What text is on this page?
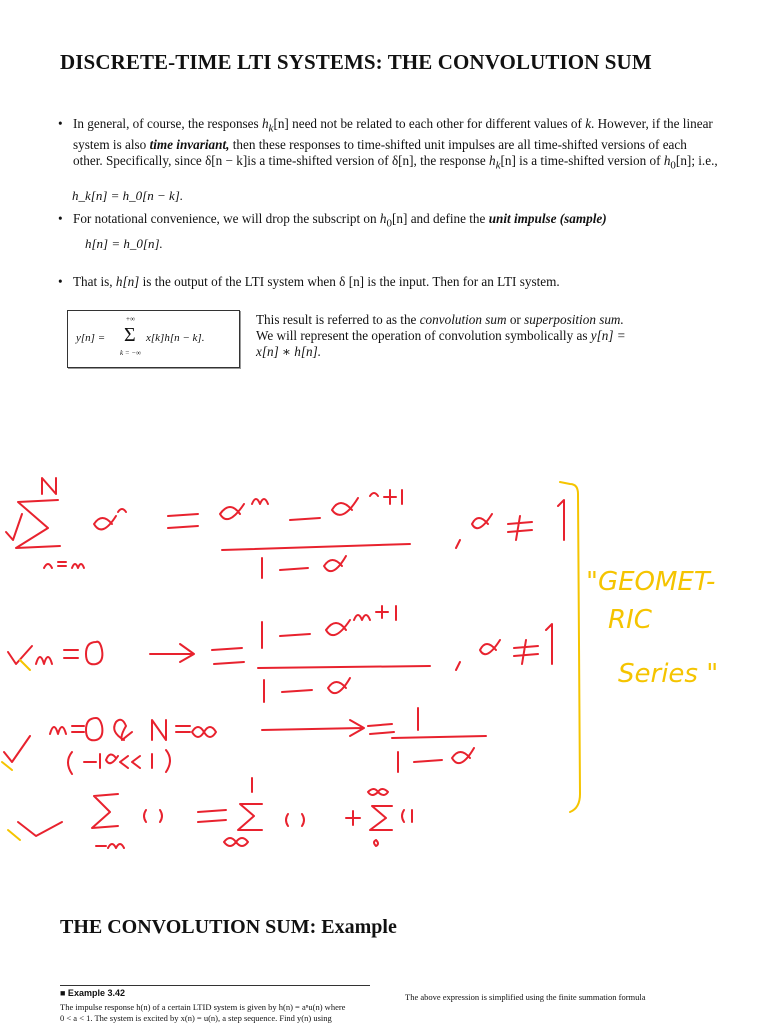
DISCRETE-TIME LTI SYSTEMS: THE CONVOLUTION SUM
• In general, of course, the responses $h_k[n]$ need not be related to each other for different values of k. However, if the linear system is also time invariant, then these responses to time-shifted unit impulses are all time-shifted versions of each other. Specifically, since δ[n − k]is a time-shifted version of δ[n], the response $h_k[n]$ is a time-shifted version of $h_0[n]$; i.e.,
h_k[n] = h_0[n − k].
• For notational convenience, we will drop the subscript on $h_0[n]$ and define the unit impulse (sample)
h[n] = h_0[n].
• That is, h[n] is the output of the LTI system when δ [n] is the input. Then for an LTI system.
y[n] =
+∞
Σ
k = −∞
x[k]h[n − k].
This result is referred to as the convolution sum or superposition sum. We will represent the operation of convolution symbolically as y[n] = x[n] ∗ h[n].
"GEOMET-
RIC
Series "
THE CONVOLUTION SUM: Example
■ Example 3.42
The impulse response h(n) of a certain LTID system is given by h(n) = aⁿu(n) where
0 < a < 1. The system is excited by x(n) = u(n), a step sequence. Find y(n) using
The above expression is simplified using the finite summation formula
